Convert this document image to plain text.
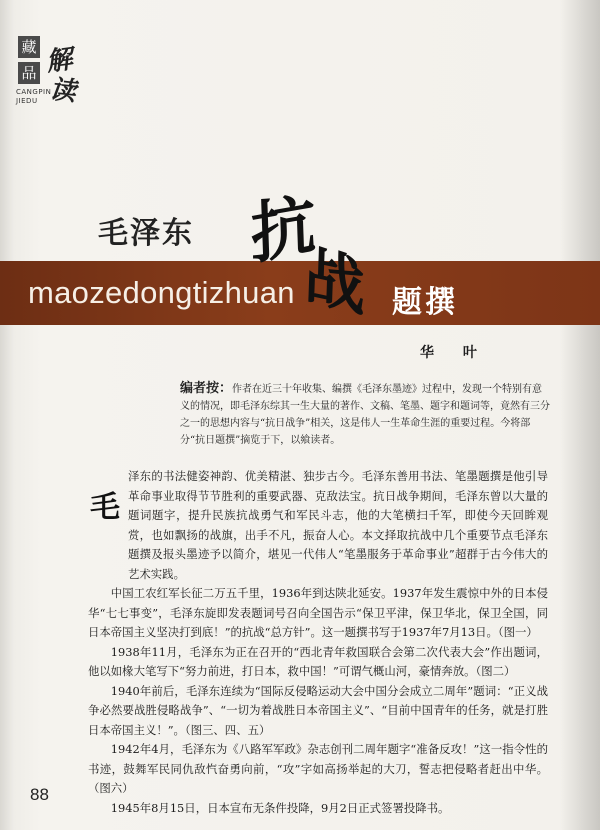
藏
品 解
读
CANGPIN
JIEDU
毛泽东
maozedongtizhuan	题撰
抗
战
华 叶
编者按：作者在近三十年收集、编撰《毛泽东墨迹》过程中，发现一个特别有意义的情况，即毛泽东综其一生大量的著作、文稿、笔墨、题字和题词等，竟然有三分之一的思想内容与“抗日战争”相关，这是伟人一生革命生涯的重要过程。今将部分“抗日题撰”摘览于下，以飨读者。
毛

泽东的书法健姿神韵、优美精湛、独步古今。毛泽东善用书法、笔墨题撰是他引导革命事业取得节节胜利的重要武器、克敌法宝。抗日战争期间，毛泽东曾以大量的题词题字，提升民族抗战勇气和军民斗志，他的大笔横扫千军，即使今天回眸观赏，也如飘扬的战旗，出手不凡，振奋人心。本文择取抗战中几个重要节点毛泽东题撰及报头墨迹予以简介，堪见一代伟人“笔墨服务于革命事业”超群于古今伟大的艺术实践。

中国工农红军长征二万五千里，1936年到达陕北延安。1937年发生震惊中外的日本侵华“七七事变”，毛泽东旋即发表题词号召向全国告示“保卫平津，保卫华北，保卫全国，同日本帝国主义坚决打到底！”的抗战“总方针”。这一题撰书写于1937年7月13日。（图一）

1938年11月，毛泽东为正在召开的“西北青年救国联合会第二次代表大会”作出题词，他以如椽大笔写下“努力前进，打日本，救中国！”可谓气概山河，豪情奔放。（图二）

1940年前后，毛泽东连续为“国际反侵略运动大会中国分会成立二周年”题词：“正义战争必然要战胜侵略战争”、“一切为着战胜日本帝国主义”、“目前中国青年的任务，就是打胜日本帝国主义！”。（图三、四、五）

1942年4月，毛泽东为《八路军军政》杂志创刊二周年题字“准备反攻！”这一指令性的书迹，鼓舞军民同仇敌忾奋勇向前，“攻”字如高扬举起的大刀，誓志把侵略者赶出中华。（图六）

1945年8月15日，日本宣布无条件投降，9月2日正式签署投降书。

88
